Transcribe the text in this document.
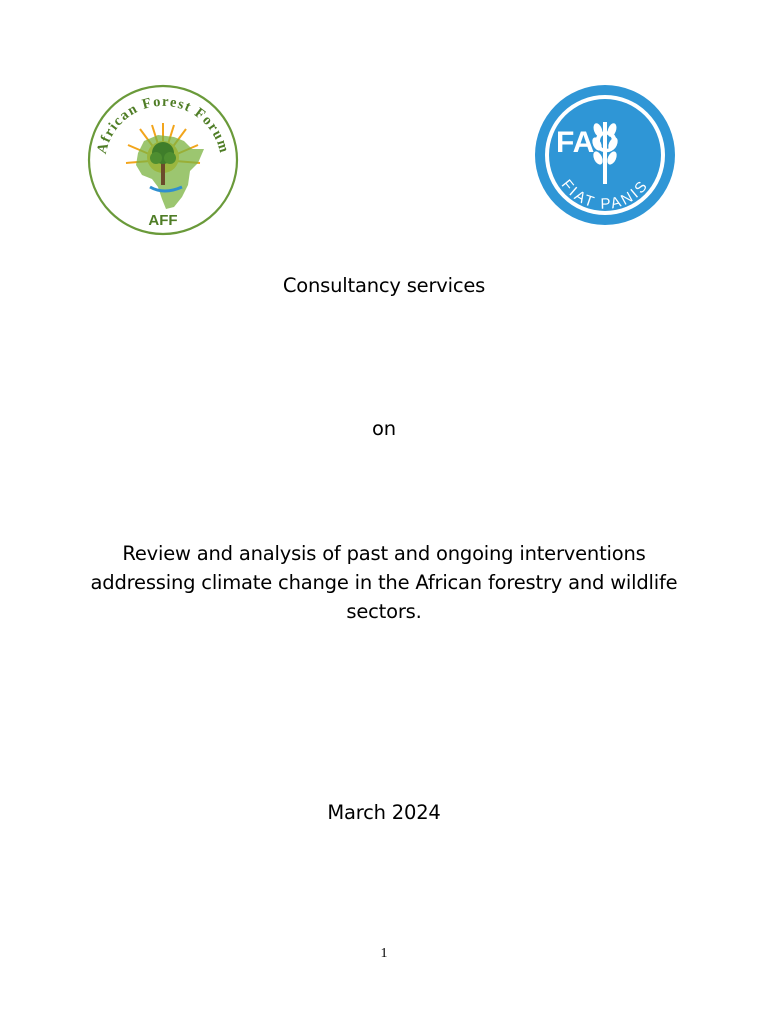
African Forest Forum
AFF
FAO
FIAT PANIS
Consultancy services
on
Review and analysis of past and ongoing interventions
addressing climate change in the African forestry and wildlife
sectors.
March 2024
1
